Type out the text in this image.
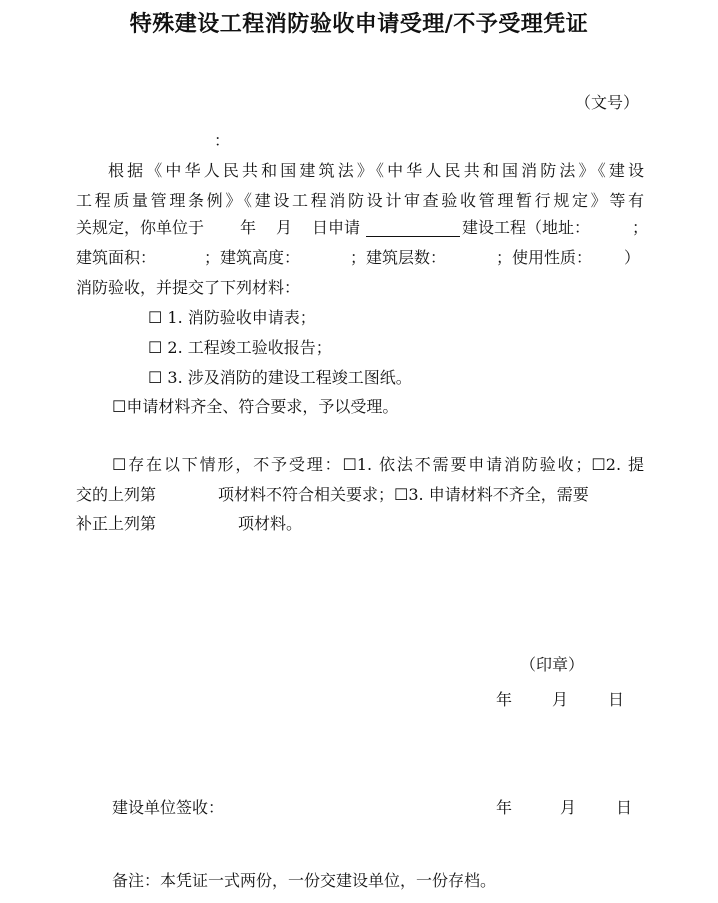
特殊建设工程消防验收申请受理/不予受理凭证
（文号）
：

根据《中华人民共和国建筑法》《中华人民共和国消防法》《建设

工程质量管理条例》《建设工程消防设计审查验收管理暂行规定》等有

关规定，你单位于 年 月 日申请	建设工程（地址：	；
建筑面积：	；建筑高度：	；建筑层数：	；使用性质： ）
消防验收，并提交了下列材料：
☐ 1. 消防验收申请表；
☐ 2. 工程竣工验收报告；
☐ 3. 涉及消防的建设工程竣工图纸。
☐申请材料齐全、符合要求，予以受理。

☐存在以下情形，不予受理：☐1. 依法不需要申请消防验收；☐2. 提

交的上列第	项材料不符合相关要求；☐3. 申请材料不齐全，需要
补正上列第	项材料。
（印章）
年 月 日
建设单位签收：	年	月 日
备注：本凭证一式两份，一份交建设单位，一份存档。
